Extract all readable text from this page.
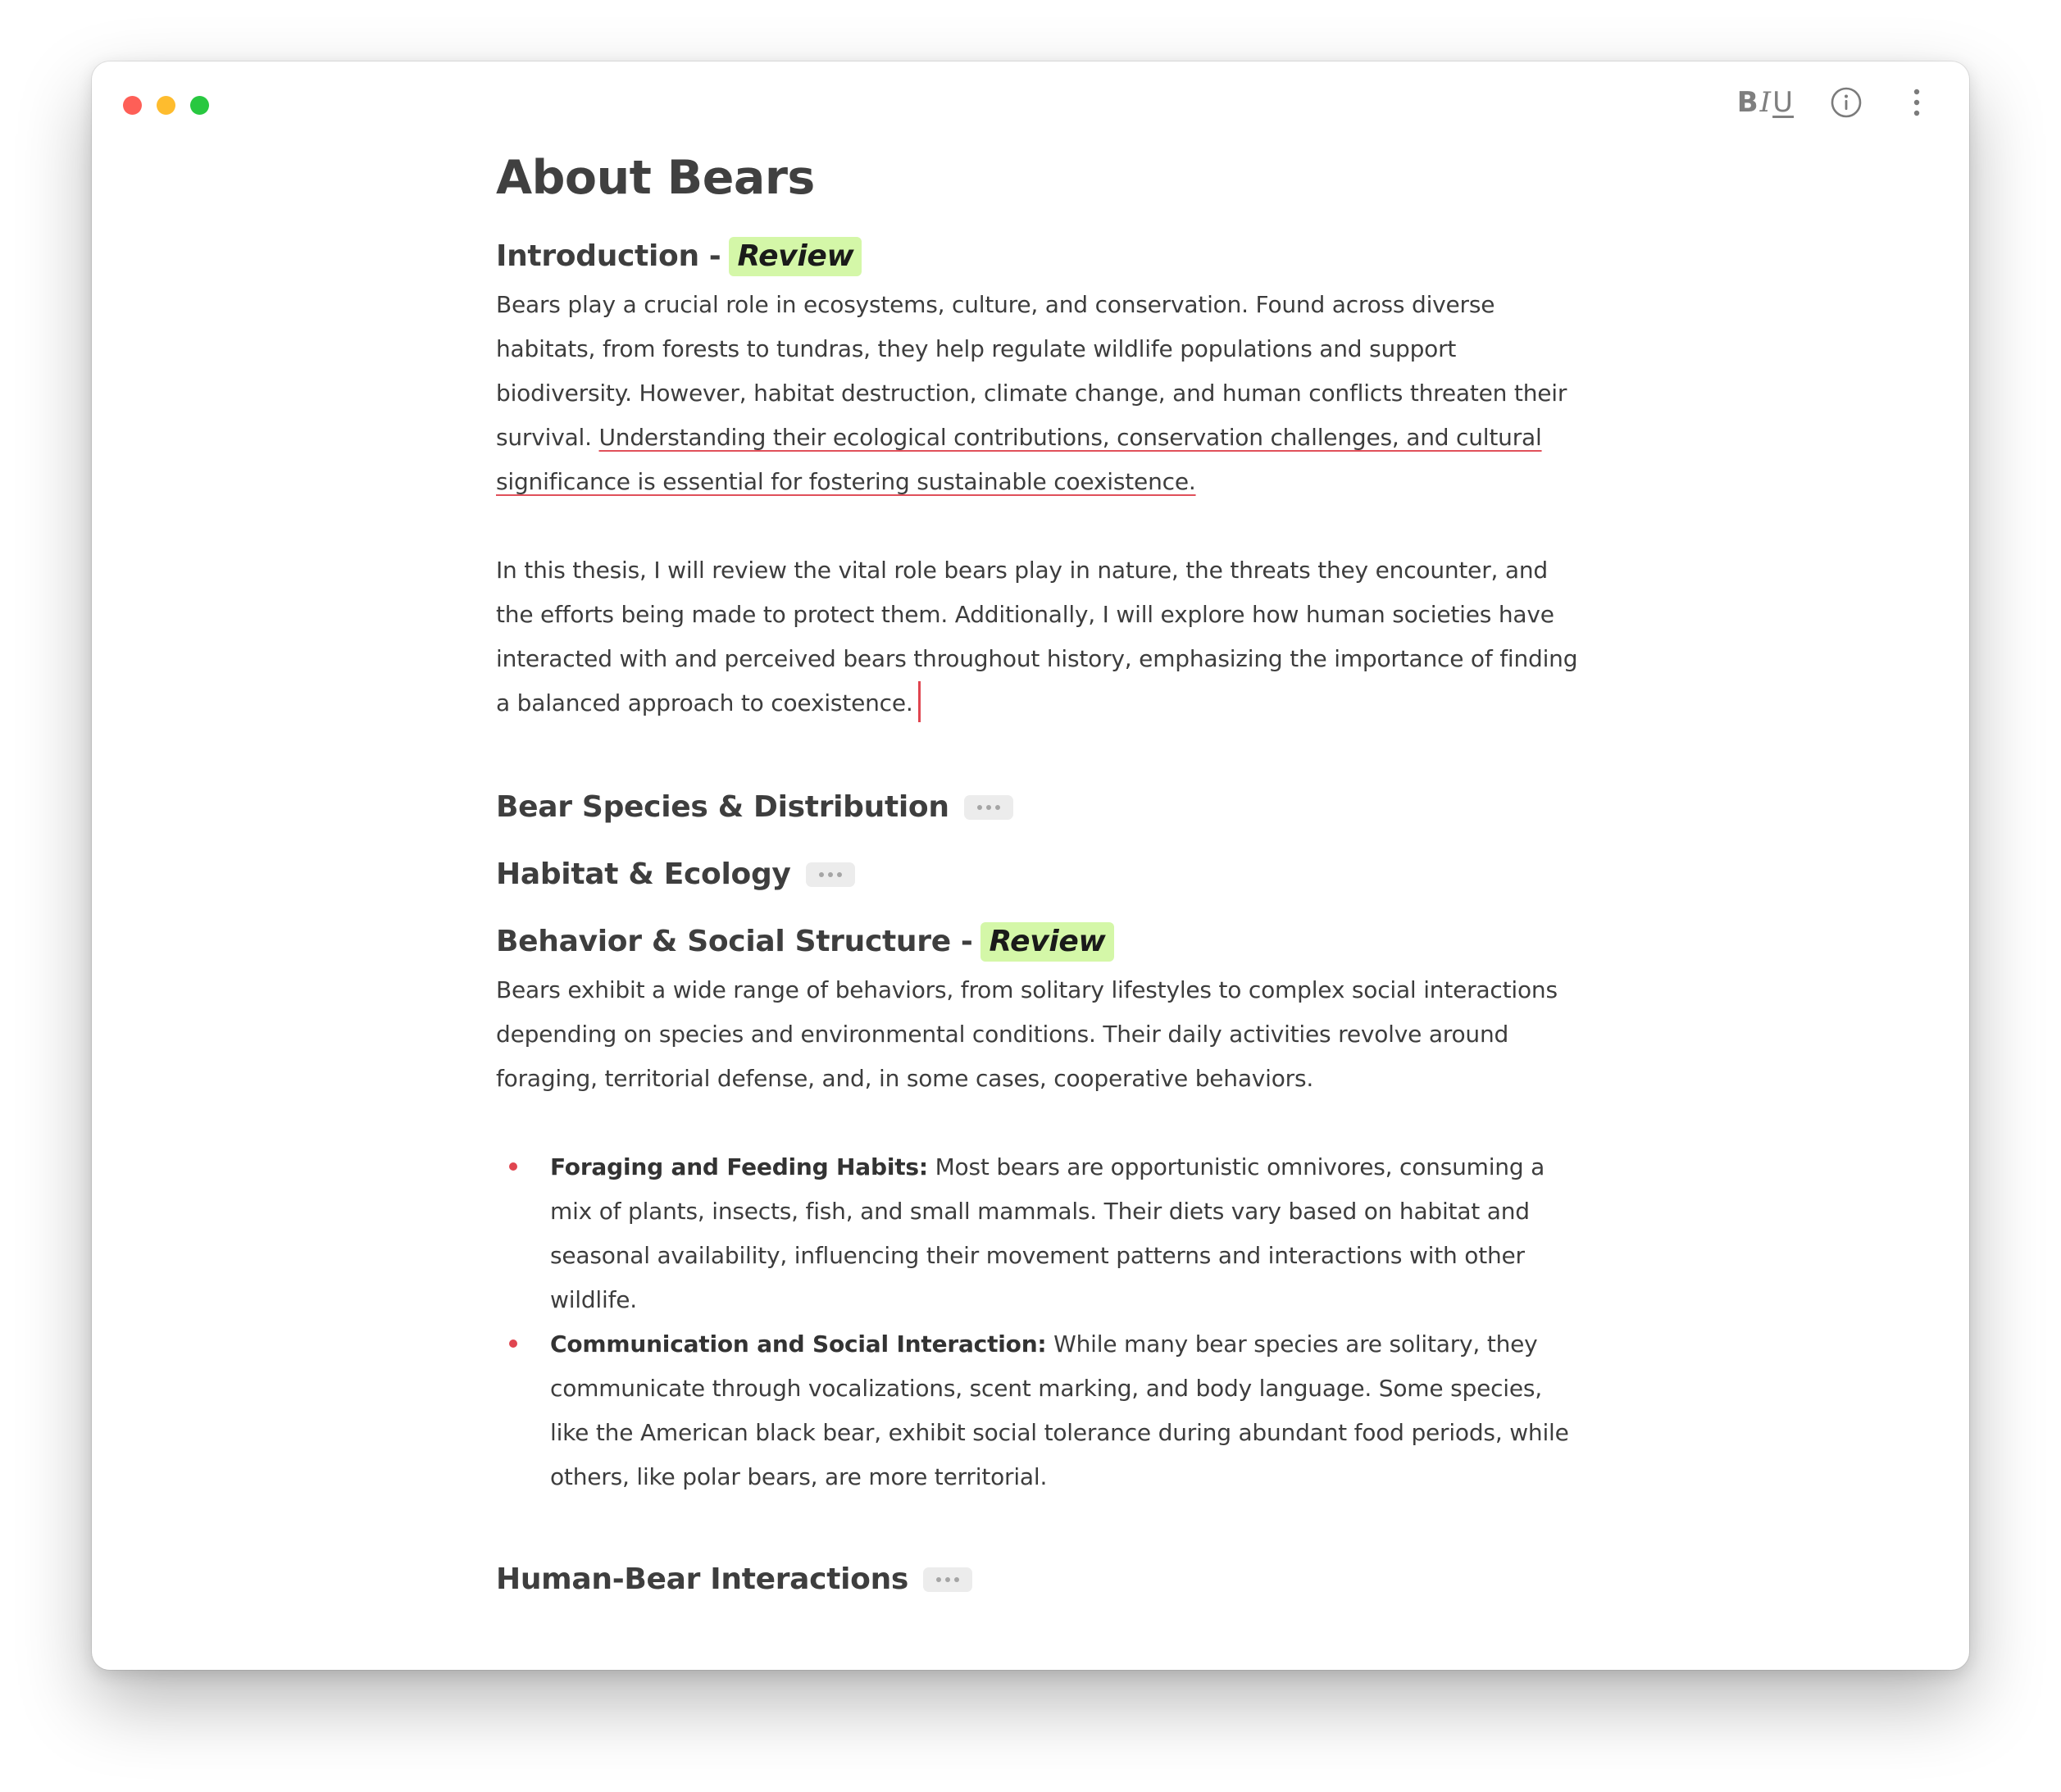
B I U
About Bears
Introduction - Review

Bears play a crucial role in ecosystems, culture, and conservation. Found across diverse habitats, from forests to tundras, they help regulate wildlife populations and support biodiversity. However, habitat destruction, climate change, and human conflicts threaten their survival. Understanding their ecological contributions, conservation challenges, and cultural significance is essential for fostering sustainable coexistence.

In this thesis, I will review the vital role bears play in nature, the threats they encounter, and the efforts being made to protect them. Additionally, I will explore how human societies have interacted with and perceived bears throughout history, emphasizing the importance of finding a balanced approach to coexistence.

Bear Species & Distribution
Habitat & Ecology
Behavior & Social Structure - Review

Bears exhibit a wide range of behaviors, from solitary lifestyles to complex social interactions depending on species and environmental conditions. Their daily activities revolve around foraging, territorial defense, and, in some cases, cooperative behaviors.

Foraging and Feeding Habits: Most bears are opportunistic omnivores, consuming a mix of plants, insects, fish, and small mammals. Their diets vary based on habitat and seasonal availability, influencing their movement patterns and interactions with other wildlife.
Communication and Social Interaction: While many bear species are solitary, they communicate through vocalizations, scent marking, and body language. Some species, like the American black bear, exhibit social tolerance during abundant food periods, while others, like polar bears, are more territorial.
Human-Bear Interactions
